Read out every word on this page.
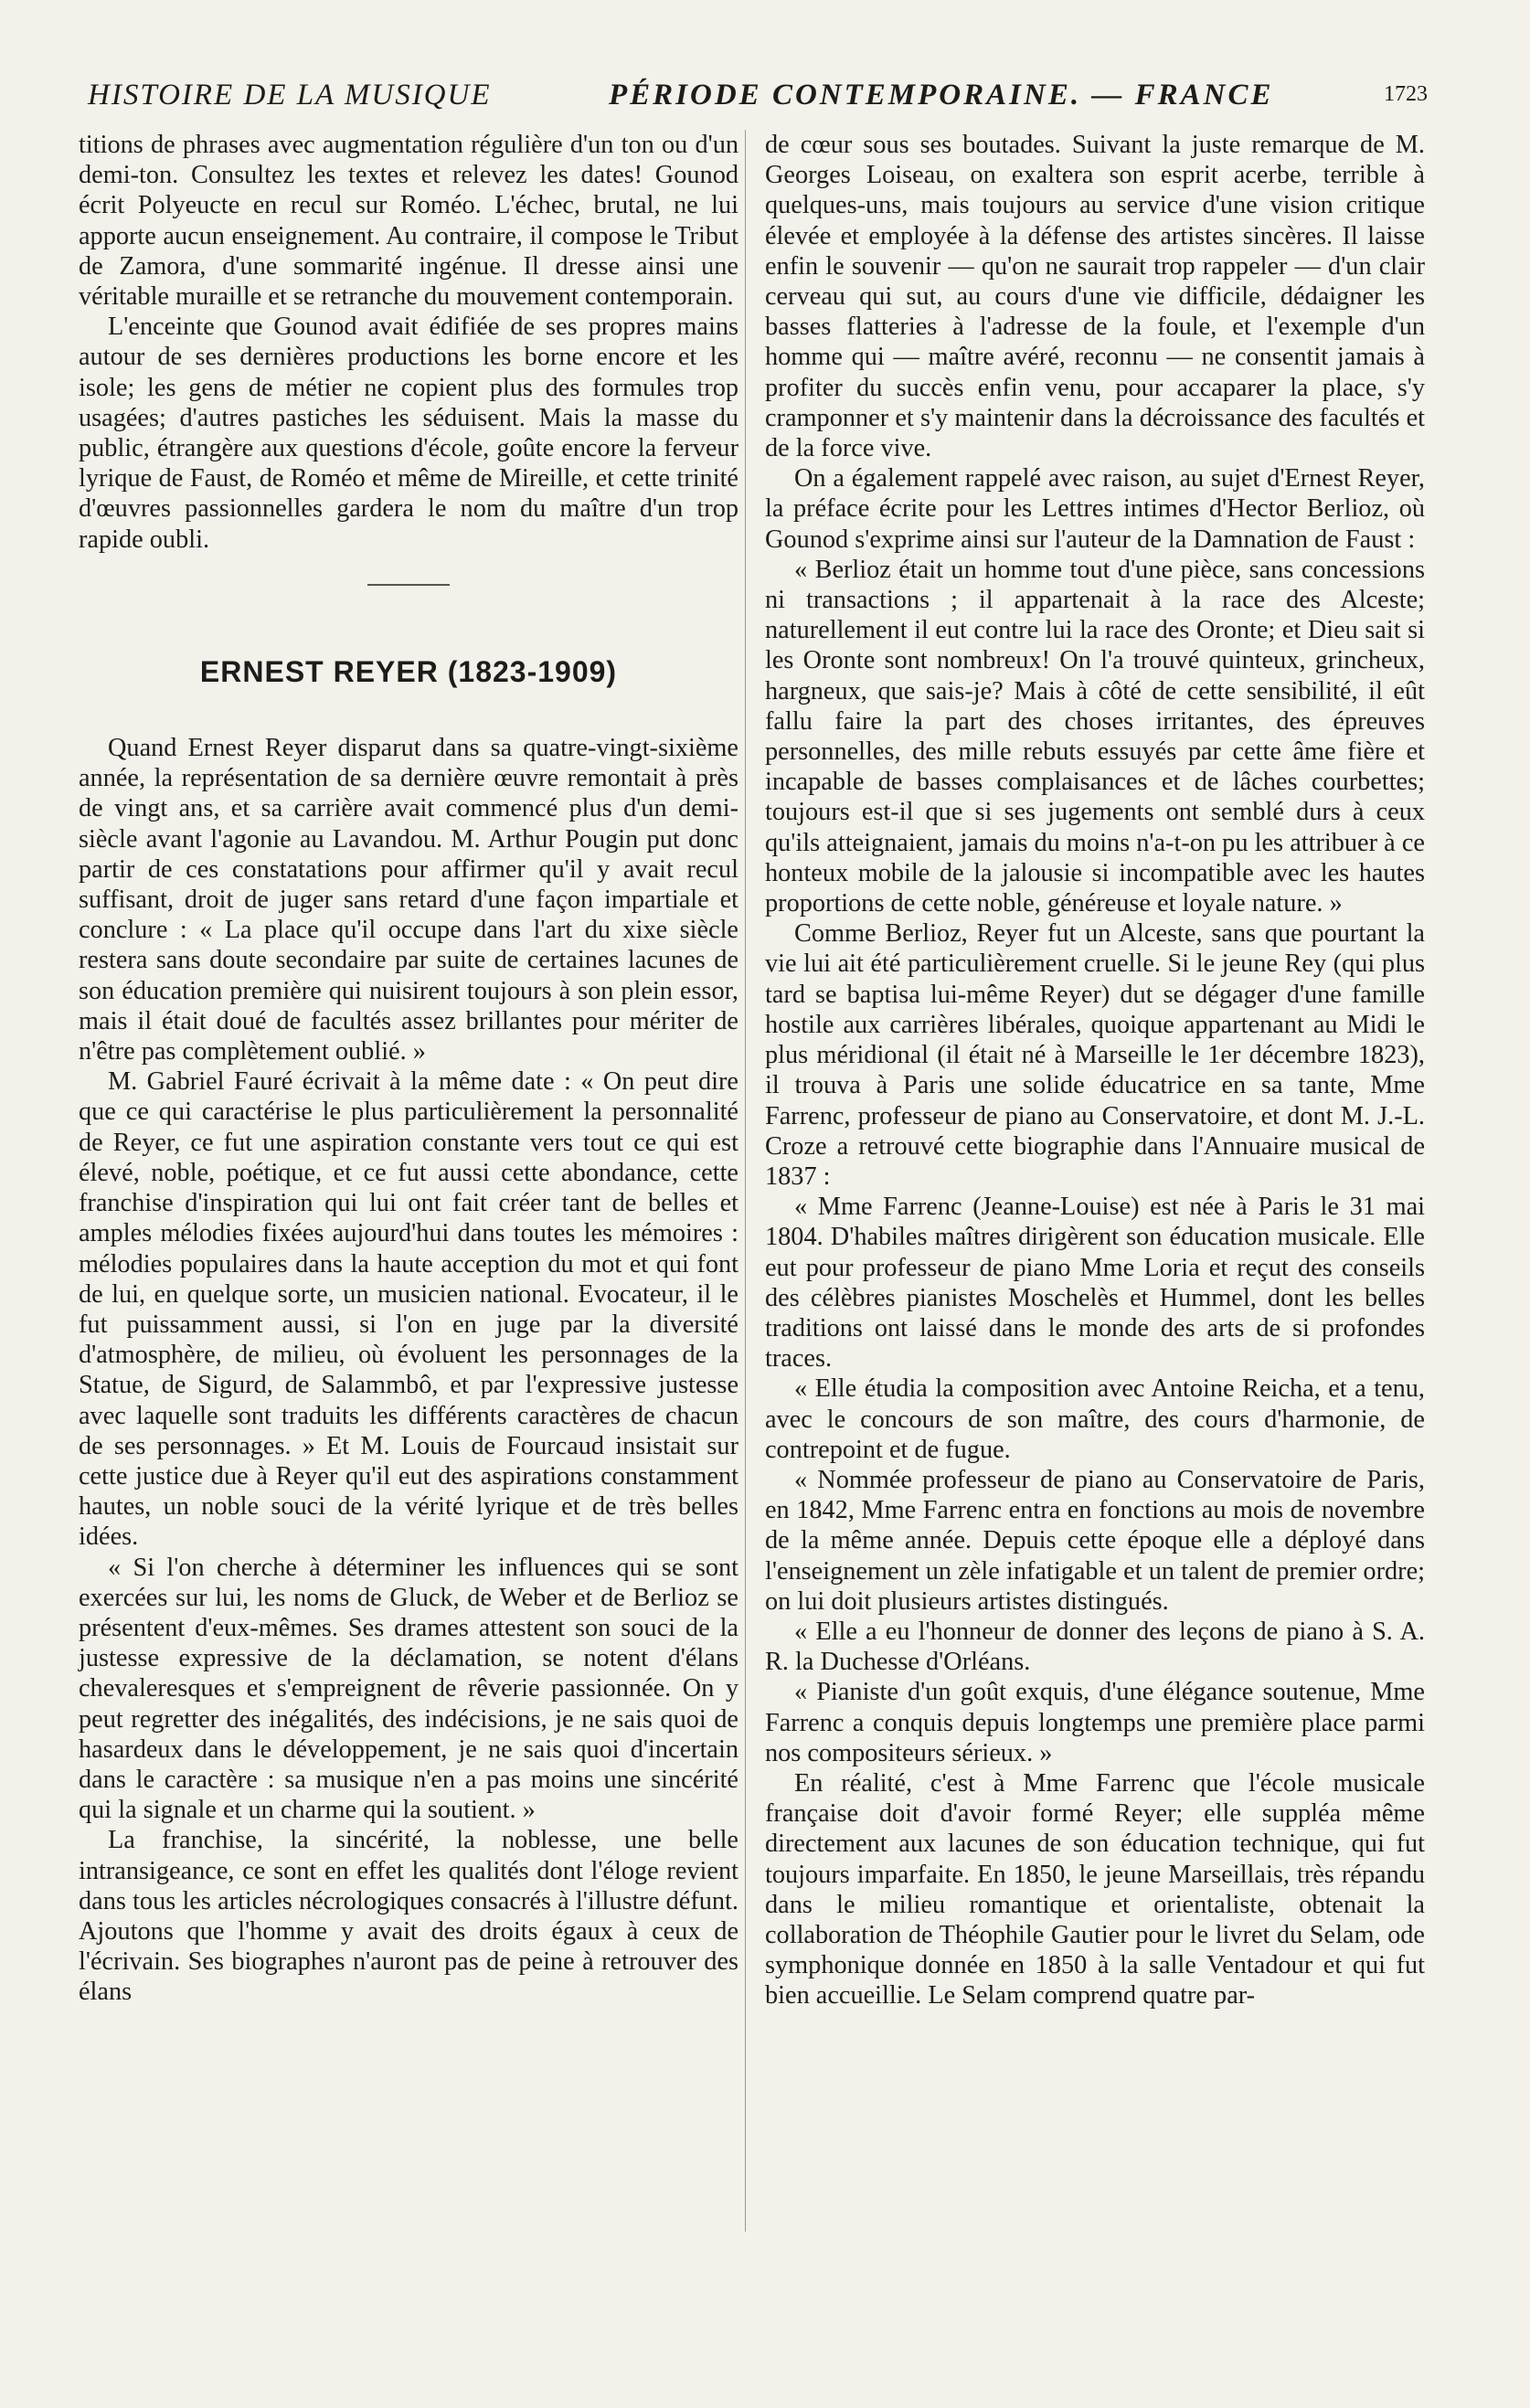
HISTOIRE DE LA MUSIQUE	PÉRIODE CONTEMPORAINE. — FRANCE	1723

titions de phrases avec augmentation régulière d'un ton ou d'un demi-ton. Consultez les textes et relevez les dates! Gounod écrit Polyeucte en recul sur Roméo. L'échec, brutal, ne lui apporte aucun enseignement. Au contraire, il compose le Tribut de Zamora, d'une sommarité ingénue. Il dresse ainsi une véritable muraille et se retranche du mouvement contemporain.

L'enceinte que Gounod avait édifiée de ses propres mains autour de ses dernières productions les borne encore et les isole; les gens de métier ne copient plus des formules trop usagées; d'autres pastiches les séduisent. Mais la masse du public, étrangère aux questions d'école, goûte encore la ferveur lyrique de Faust, de Roméo et même de Mireille, et cette trinité d'œuvres passionnelles gardera le nom du maître d'un trop rapide oubli.

ERNEST REYER (1823-1909)

Quand Ernest Reyer disparut dans sa quatre-vingt-sixième année, la représentation de sa dernière œuvre remontait à près de vingt ans, et sa carrière avait commencé plus d'un demi-siècle avant l'agonie au Lavandou. M. Arthur Pougin put donc partir de ces constatations pour affirmer qu'il y avait recul suffisant, droit de juger sans retard d'une façon impartiale et conclure : « La place qu'il occupe dans l'art du xixe siècle restera sans doute secondaire par suite de certaines lacunes de son éducation première qui nuisirent toujours à son plein essor, mais il était doué de facultés assez brillantes pour mériter de n'être pas complètement oublié. »

M. Gabriel Fauré écrivait à la même date : « On peut dire que ce qui caractérise le plus particulièrement la personnalité de Reyer, ce fut une aspiration constante vers tout ce qui est élevé, noble, poétique, et ce fut aussi cette abondance, cette franchise d'inspiration qui lui ont fait créer tant de belles et amples mélodies fixées aujourd'hui dans toutes les mémoires : mélodies populaires dans la haute acception du mot et qui font de lui, en quelque sorte, un musicien national. Evocateur, il le fut puissamment aussi, si l'on en juge par la diversité d'atmosphère, de milieu, où évoluent les personnages de la Statue, de Sigurd, de Salammbô, et par l'expressive justesse avec laquelle sont traduits les différents caractères de chacun de ses personnages. » Et M. Louis de Fourcaud insistait sur cette justice due à Reyer qu'il eut des aspirations constamment hautes, un noble souci de la vérité lyrique et de très belles idées.

« Si l'on cherche à déterminer les influences qui se sont exercées sur lui, les noms de Gluck, de Weber et de Berlioz se présentent d'eux-mêmes. Ses drames attestent son souci de la justesse expressive de la déclamation, se notent d'élans chevaleresques et s'empreignent de rêverie passionnée. On y peut regretter des inégalités, des indécisions, je ne sais quoi de hasardeux dans le développement, je ne sais quoi d'incertain dans le caractère : sa musique n'en a pas moins une sincérité qui la signale et un charme qui la soutient. »

La franchise, la sincérité, la noblesse, une belle intransigeance, ce sont en effet les qualités dont l'éloge revient dans tous les articles nécrologiques consacrés à l'illustre défunt. Ajoutons que l'homme y avait des droits égaux à ceux de l'écrivain. Ses biographes n'auront pas de peine à retrouver des élans

de cœur sous ses boutades. Suivant la juste remarque de M. Georges Loiseau, on exaltera son esprit acerbe, terrible à quelques-uns, mais toujours au service d'une vision critique élevée et employée à la défense des artistes sincères. Il laisse enfin le souvenir — qu'on ne saurait trop rappeler — d'un clair cerveau qui sut, au cours d'une vie difficile, dédaigner les basses flatteries à l'adresse de la foule, et l'exemple d'un homme qui — maître avéré, reconnu — ne consentit jamais à profiter du succès enfin venu, pour accaparer la place, s'y cramponner et s'y maintenir dans la décroissance des facultés et de la force vive.

On a également rappelé avec raison, au sujet d'Ernest Reyer, la préface écrite pour les Lettres intimes d'Hector Berlioz, où Gounod s'exprime ainsi sur l'auteur de la Damnation de Faust :

« Berlioz était un homme tout d'une pièce, sans concessions ni transactions ; il appartenait à la race des Alceste; naturellement il eut contre lui la race des Oronte; et Dieu sait si les Oronte sont nombreux! On l'a trouvé quinteux, grincheux, hargneux, que sais-je? Mais à côté de cette sensibilité, il eût fallu faire la part des choses irritantes, des épreuves personnelles, des mille rebuts essuyés par cette âme fière et incapable de basses complaisances et de lâches courbettes; toujours est-il que si ses jugements ont semblé durs à ceux qu'ils atteignaient, jamais du moins n'a-t-on pu les attribuer à ce honteux mobile de la jalousie si incompatible avec les hautes proportions de cette noble, généreuse et loyale nature. »

Comme Berlioz, Reyer fut un Alceste, sans que pourtant la vie lui ait été particulièrement cruelle. Si le jeune Rey (qui plus tard se baptisa lui-même Reyer) dut se dégager d'une famille hostile aux carrières libérales, quoique appartenant au Midi le plus méridional (il était né à Marseille le 1er décembre 1823), il trouva à Paris une solide éducatrice en sa tante, Mme Farrenc, professeur de piano au Conservatoire, et dont M. J.-L. Croze a retrouvé cette biographie dans l'Annuaire musical de 1837 :

« Mme Farrenc (Jeanne-Louise) est née à Paris le 31 mai 1804. D'habiles maîtres dirigèrent son éducation musicale. Elle eut pour professeur de piano Mme Loria et reçut des conseils des célèbres pianistes Moschelès et Hummel, dont les belles traditions ont laissé dans le monde des arts de si profondes traces.

« Elle étudia la composition avec Antoine Reicha, et a tenu, avec le concours de son maître, des cours d'harmonie, de contrepoint et de fugue.

« Nommée professeur de piano au Conservatoire de Paris, en 1842, Mme Farrenc entra en fonctions au mois de novembre de la même année. Depuis cette époque elle a déployé dans l'enseignement un zèle infatigable et un talent de premier ordre; on lui doit plusieurs artistes distingués.

« Elle a eu l'honneur de donner des leçons de piano à S. A. R. la Duchesse d'Orléans.

« Pianiste d'un goût exquis, d'une élégance soutenue, Mme Farrenc a conquis depuis longtemps une première place parmi nos compositeurs sérieux. »

En réalité, c'est à Mme Farrenc que l'école musicale française doit d'avoir formé Reyer; elle suppléa même directement aux lacunes de son éducation technique, qui fut toujours imparfaite. En 1850, le jeune Marseillais, très répandu dans le milieu romantique et orientaliste, obtenait la collaboration de Théophile Gautier pour le livret du Selam, ode symphonique donnée en 1850 à la salle Ventadour et qui fut bien accueillie. Le Selam comprend quatre par-
